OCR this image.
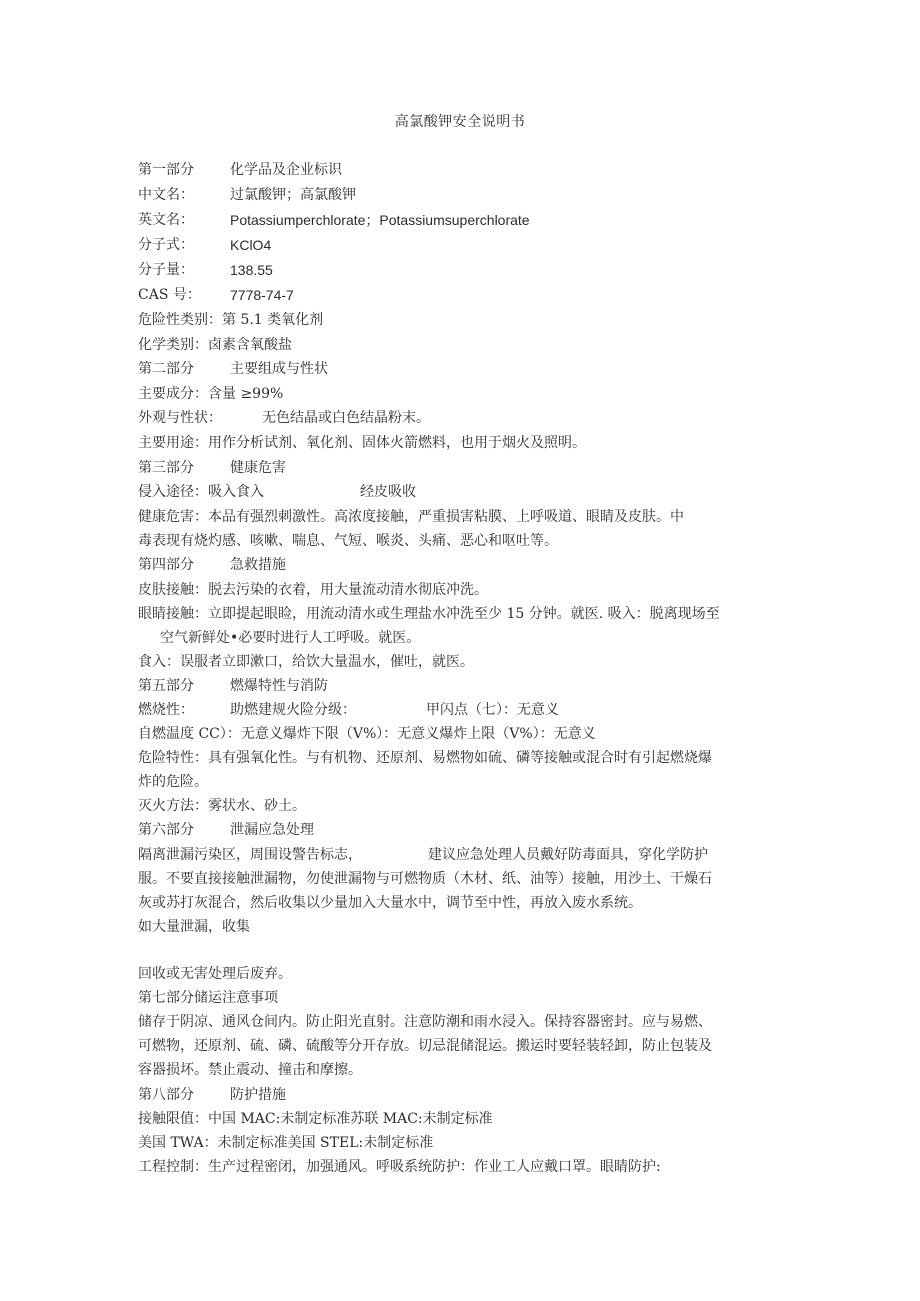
高氯酸钾安全说明书
第一部分	化学品及企业标识
中文名：	过氯酸钾；高氯酸钾
英文名：	Potassiumperchlorate；Potassiumsuperchlorate
分子式：	KClO4
分子量：	138.55
CAS 号： 7778-74-7
危险性类别：第 5.1 类氧化剂
化学类别：卤素含氧酸盐
第二部分	主要组成与性状
主要成分：含量 ≥99%
外观与性状：	无色结晶或白色结晶粉末。
主要用途：用作分析试剂、氧化剂、固体火箭燃料，也用于烟火及照明。
第三部分	健康危害
侵入途径：吸入食入	经皮吸收
健康危害：本品有强烈刺激性。高浓度接触，严重损害粘膜、上呼吸道、眼睛及皮肤。中
毒表现有烧灼感、咳嗽、喘息、气短、喉炎、头痛、恶心和呕吐等。
第四部分	急救措施
皮肤接触：脱去污染的衣着，用大量流动清水彻底冲洗。
眼睛接触：立即提起眼睑，用流动清水或生理盐水冲洗至少 15 分钟。就医. 吸入：脱离现场至
空气新鲜处•必要时进行人工呼吸。就医。
食入：误服者立即漱口，给饮大量温水，催吐，就医。
第五部分	燃爆特性与消防
燃烧性：	助燃建规火险分级：	甲闪点（七）：无意义
自燃温度 CC）：无意义爆炸下限（V%）：无意义爆炸上限（V%）：无意义
危险特性：具有强氧化性。与有机物、还原剂、易燃物如硫、磷等接触或混合时有引起燃烧爆
炸的危险。
灭火方法：雾状水、砂土。
第六部分	泄漏应急处理
隔离泄漏污染区，周围设警告标志，	建议应急处理人员戴好防毒面具，穿化学防护
服。不要直接接触泄漏物，勿使泄漏物与可燃物质（木材、纸、油等）接触，用沙土、干燥石
灰或苏打灰混合，然后收集以少量加入大量水中，调节至中性，再放入废水系统。
如大量泄漏，收集
回收或无害处理后废弃。
第七部分储运注意事项
储存于阴凉、通风仓间内。防止阳光直射。注意防潮和雨水浸入。保持容器密封。应与易燃、
可燃物，还原剂、硫、磷、硫酸等分开存放。切忌混储混运。搬运时要轻装轻卸，防止包装及
容器损坏。禁止震动、撞击和摩擦。
第八部分	防护措施
接触限值：中国 MAC:未制定标准苏联 MAC:未制定标准
美国 TWA：未制定标准美国 STEL:未制定标准
工程控制：生产过程密闭，加强通风。呼吸系统防护：作业工人应戴口罩。眼睛防护:
